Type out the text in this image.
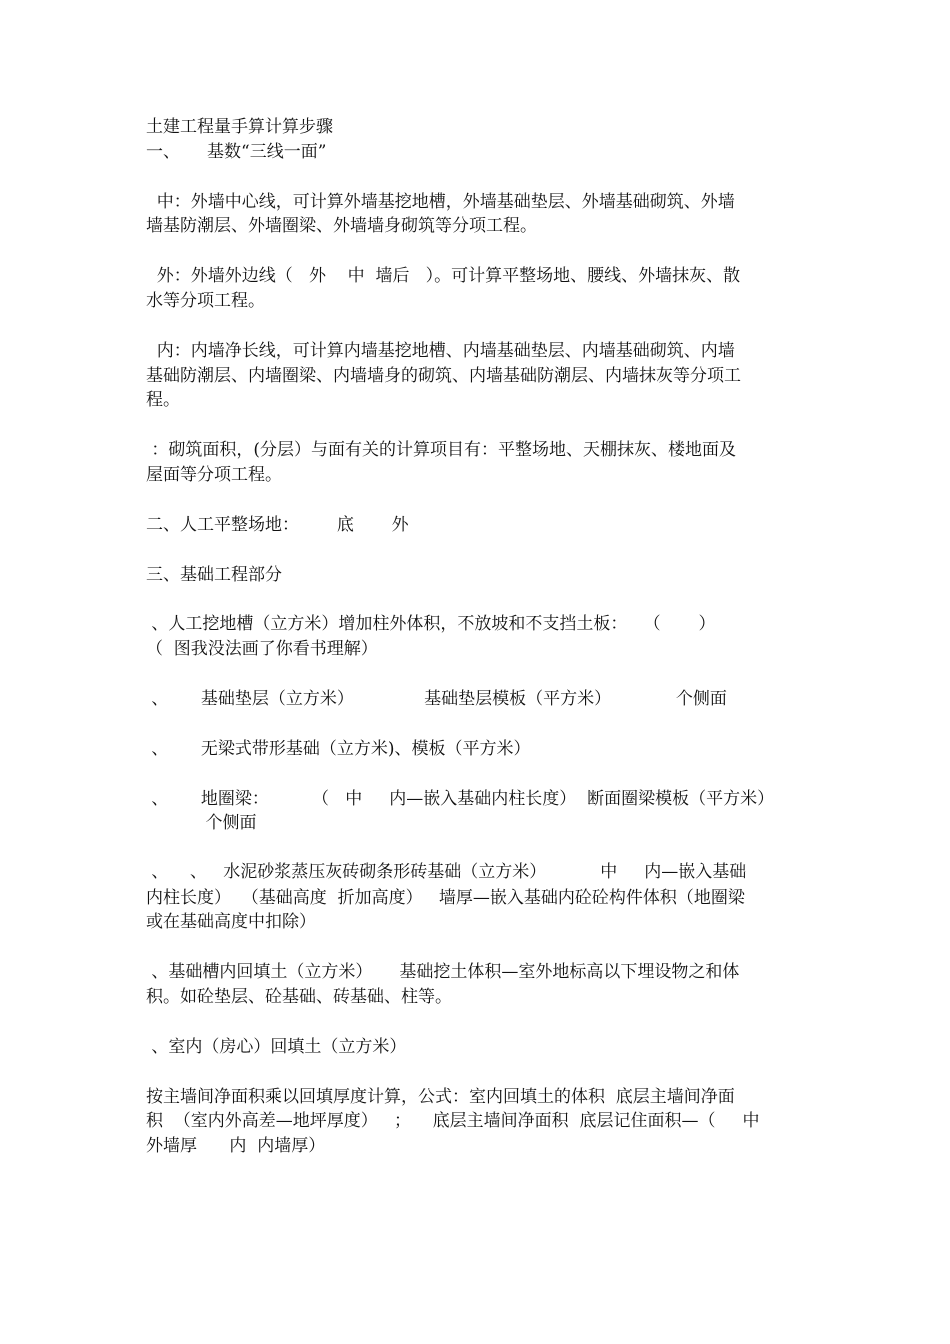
土建工程量手算计算步骤

一、     基数“三线一面”

中：外墙中心线，可计算外墙基挖地槽，外墙基础垫层、外墙基础砌筑、外墙

墙基防潮层、外墙圈梁、外墙墙身砌筑等分项工程。

外：外墙外边线（   外    中  墙后   ）。可计算平整场地、腰线、外墙抹灰、散

水等分项工程。

内：内墙净长线，可计算内墙基挖地槽、内墙基础垫层、内墙基础砌筑、内墙

基础防潮层、内墙圈梁、内墙墙身的砌筑、内墙基础防潮层、内墙抹灰等分项工

程。

：砌筑面积，(分层）与面有关的计算项目有：平整场地、天棚抹灰、楼地面及

屋面等分项工程。

二、人工平整场地：       底       外

三、基础工程部分

、人工挖地槽（立方米）增加柱外体积，不放坡和不支挡土板：   （       ）

（  图我没法画了你看书理解）

、      基础垫层（立方米）             基础垫层模板（平方米）            个侧面

、      无梁式带形基础（立方米)、模板（平方米）

、      地圈梁：        （   中     内—嵌入基础内柱长度）  断面圈梁模板（平方米）

个侧面

、    、   水泥砂浆蒸压灰砖砌条形砖基础（立方米）          中     内—嵌入基础

内柱长度）  （基础高度  折加高度）   墙厚—嵌入基础内砼砼构件体积（地圈梁

或在基础高度中扣除）

、基础槽内回填土（立方米）     基础挖土体积—室外地标高以下埋设物之和体

积。如砼垫层、砼基础、砖基础、柱等。

、室内（房心）回填土（立方米）

按主墙间净面积乘以回填厚度计算，公式：室内回填土的体积  底层主墙间净面

积  （室内外高差—地坪厚度）   ；    底层主墙间净面积  底层记住面积—（     中

外墙厚      内  内墙厚）
